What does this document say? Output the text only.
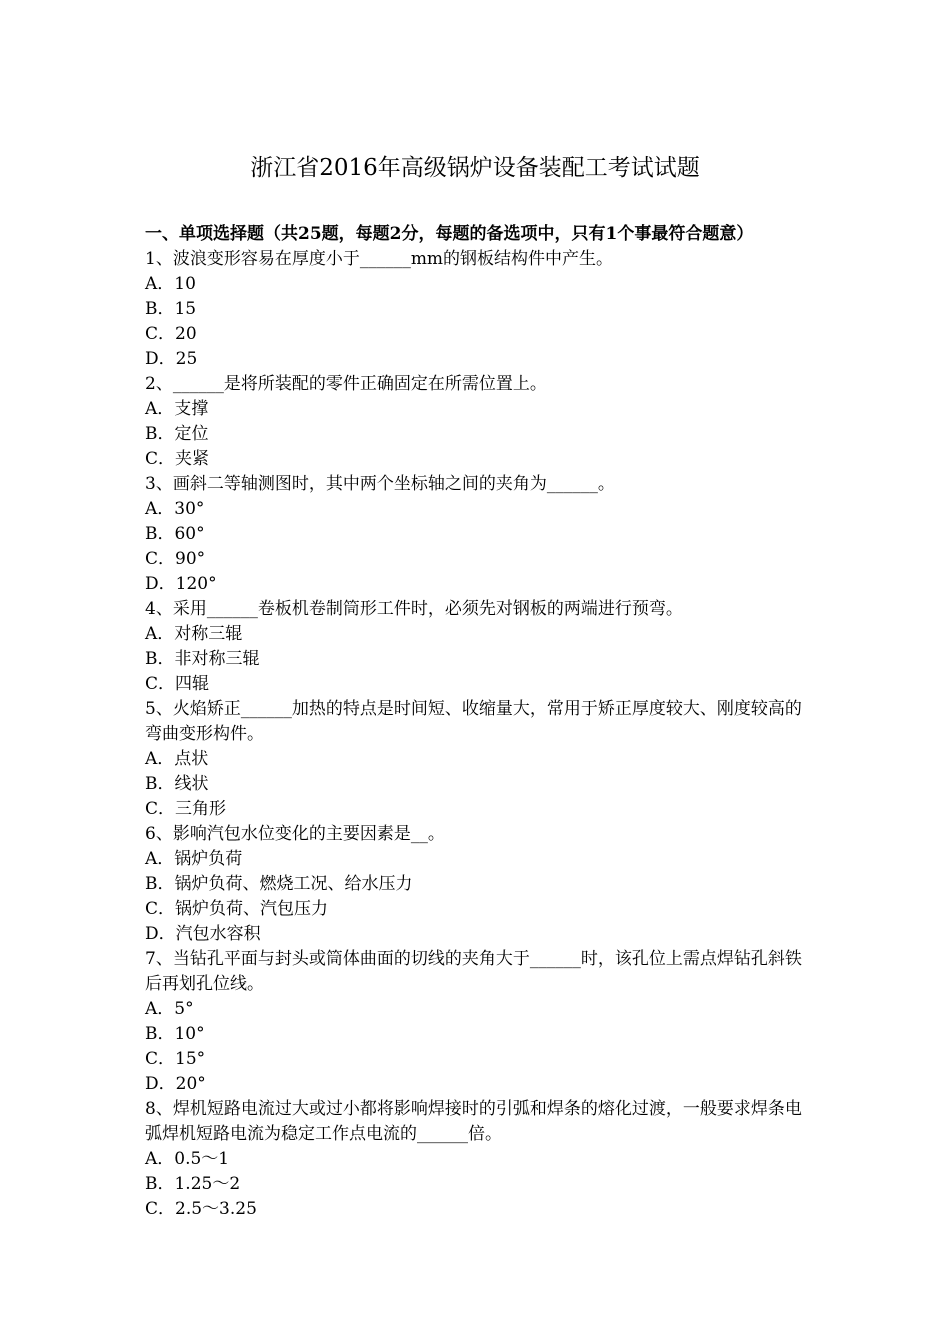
浙江省2016年高级锅炉设备装配工考试试题
一、单项选择题（共25题，每题2分，每题的备选项中，只有1个事最符合题意）
1、波浪变形容易在厚度小于______mm的钢板结构件中产生。
A．10
B．15
C．20
D．25
2、______是将所装配的零件正确固定在所需位置上。
A．支撑
B．定位
C．夹紧
3、画斜二等轴测图时，其中两个坐标轴之间的夹角为______。
A．30°
B．60°
C．90°
D．120°
4、采用______卷板机卷制筒形工件时，必须先对钢板的两端进行预弯。
A．对称三辊
B．非对称三辊
C．四辊
5、火焰矫正______加热的特点是时间短、收缩量大，常用于矫正厚度较大、刚度较高的弯曲变形构件。
A．点状
B．线状
C．三角形
6、影响汽包水位变化的主要因素是__。
A．锅炉负荷
B．锅炉负荷、燃烧工况、给水压力
C．锅炉负荷、汽包压力
D．汽包水容积
7、当钻孔平面与封头或筒体曲面的切线的夹角大于______时，该孔位上需点焊钻孔斜铁后再划孔位线。
A．5°
B．10°
C．15°
D．20°
8、焊机短路电流过大或过小都将影响焊接时的引弧和焊条的熔化过渡，一般要求焊条电弧焊机短路电流为稳定工作点电流的______倍。
A．0.5～1
B．1.25～2
C．2.5～3.25
